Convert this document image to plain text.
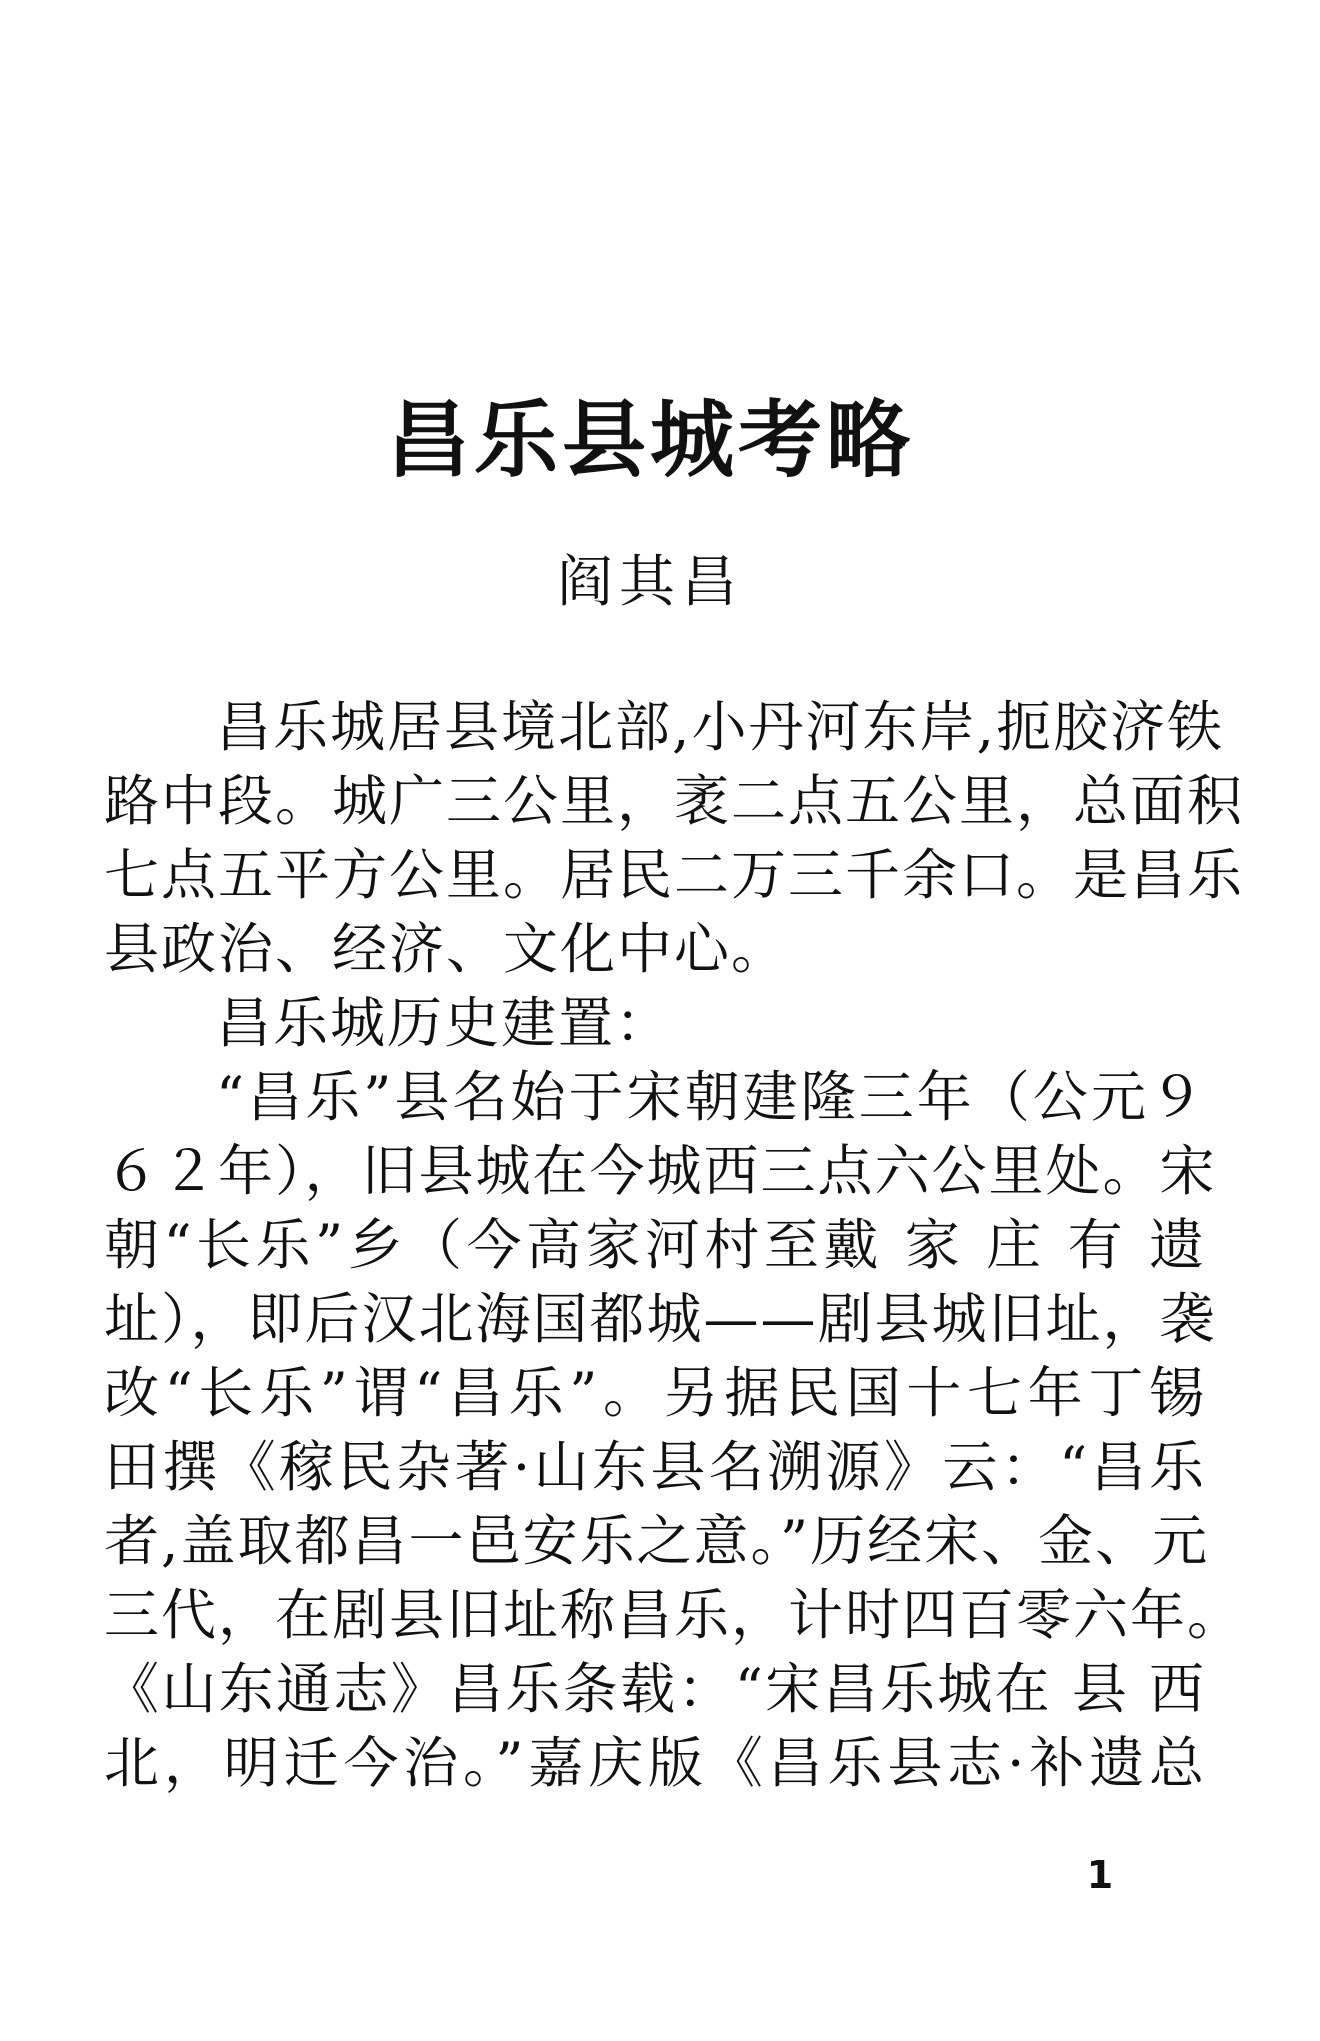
昌乐县城考略
阎其昌
昌乐城居县境北部,小丹河东岸,扼胶济铁
路中段。城广三公里，袤二点五公里，总面积
七点五平方公里。居民二万三千余口。是昌乐
县政治、经济、文化中心。
昌乐城历史建置：
“昌乐”县名始于宋朝建隆三年（公元９
６２年），旧县城在今城西三点六公里处。宋
朝“长乐”乡（今高家河村至戴 家 庄 有 遗
址），即后汉北海国都城——剧县城旧址，袭
改“长乐”谓“昌乐”。另据民国十七年丁锡
田撰《稼民杂著·山东县名溯源》云：“昌乐
者,盖取都昌一邑安乐之意。”历经宋、金、元
三代，在剧县旧址称昌乐，计时四百零六年。
《山东通志》昌乐条载：“宋昌乐城在 县 西
北，明迁今治。”嘉庆版《昌乐县志·补遗总
1
